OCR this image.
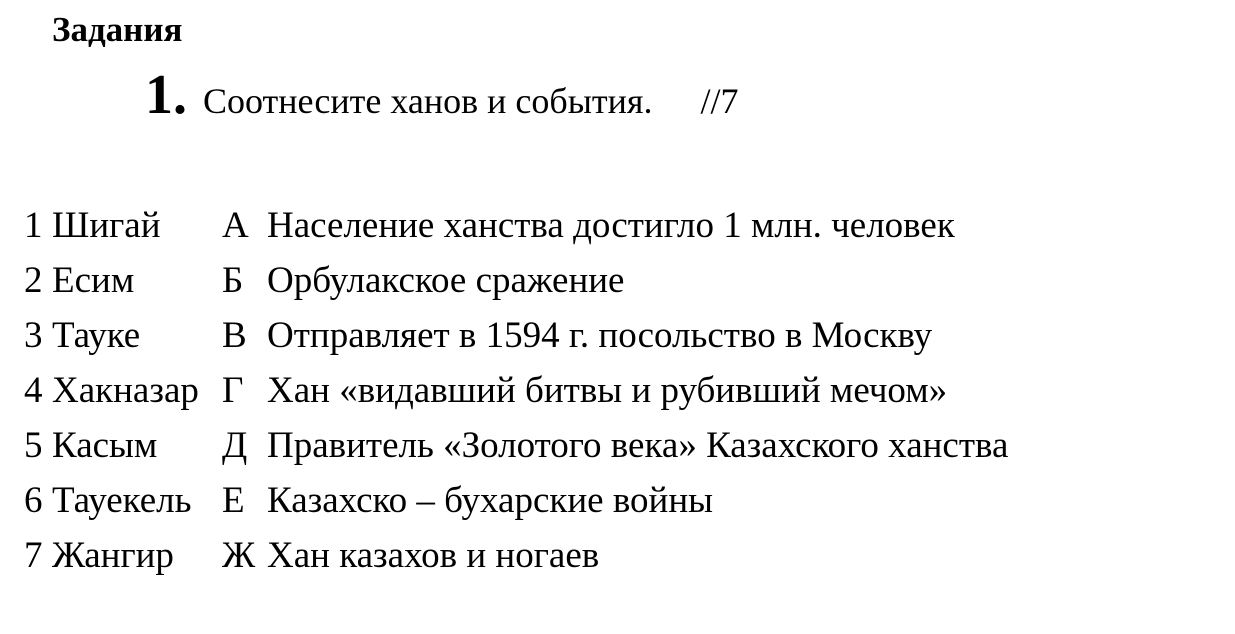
Задания
1 . Соотнесите ханов и события. //7
1 Шигай А Население ханства достигло 1 млн. человек
2 Есим Б Орбулакское сражение
3 Тауке В Отправляет в 1594 г. посольство в Москву
4 Хакназар Г Хан «видавший битвы и рубивший мечом»
5 Касым Д Правитель «Золотого века» Казахского ханства
6 Тауекель Е Казахско – бухарские войны
7 Жангир Ж Хан казахов и ногаев
